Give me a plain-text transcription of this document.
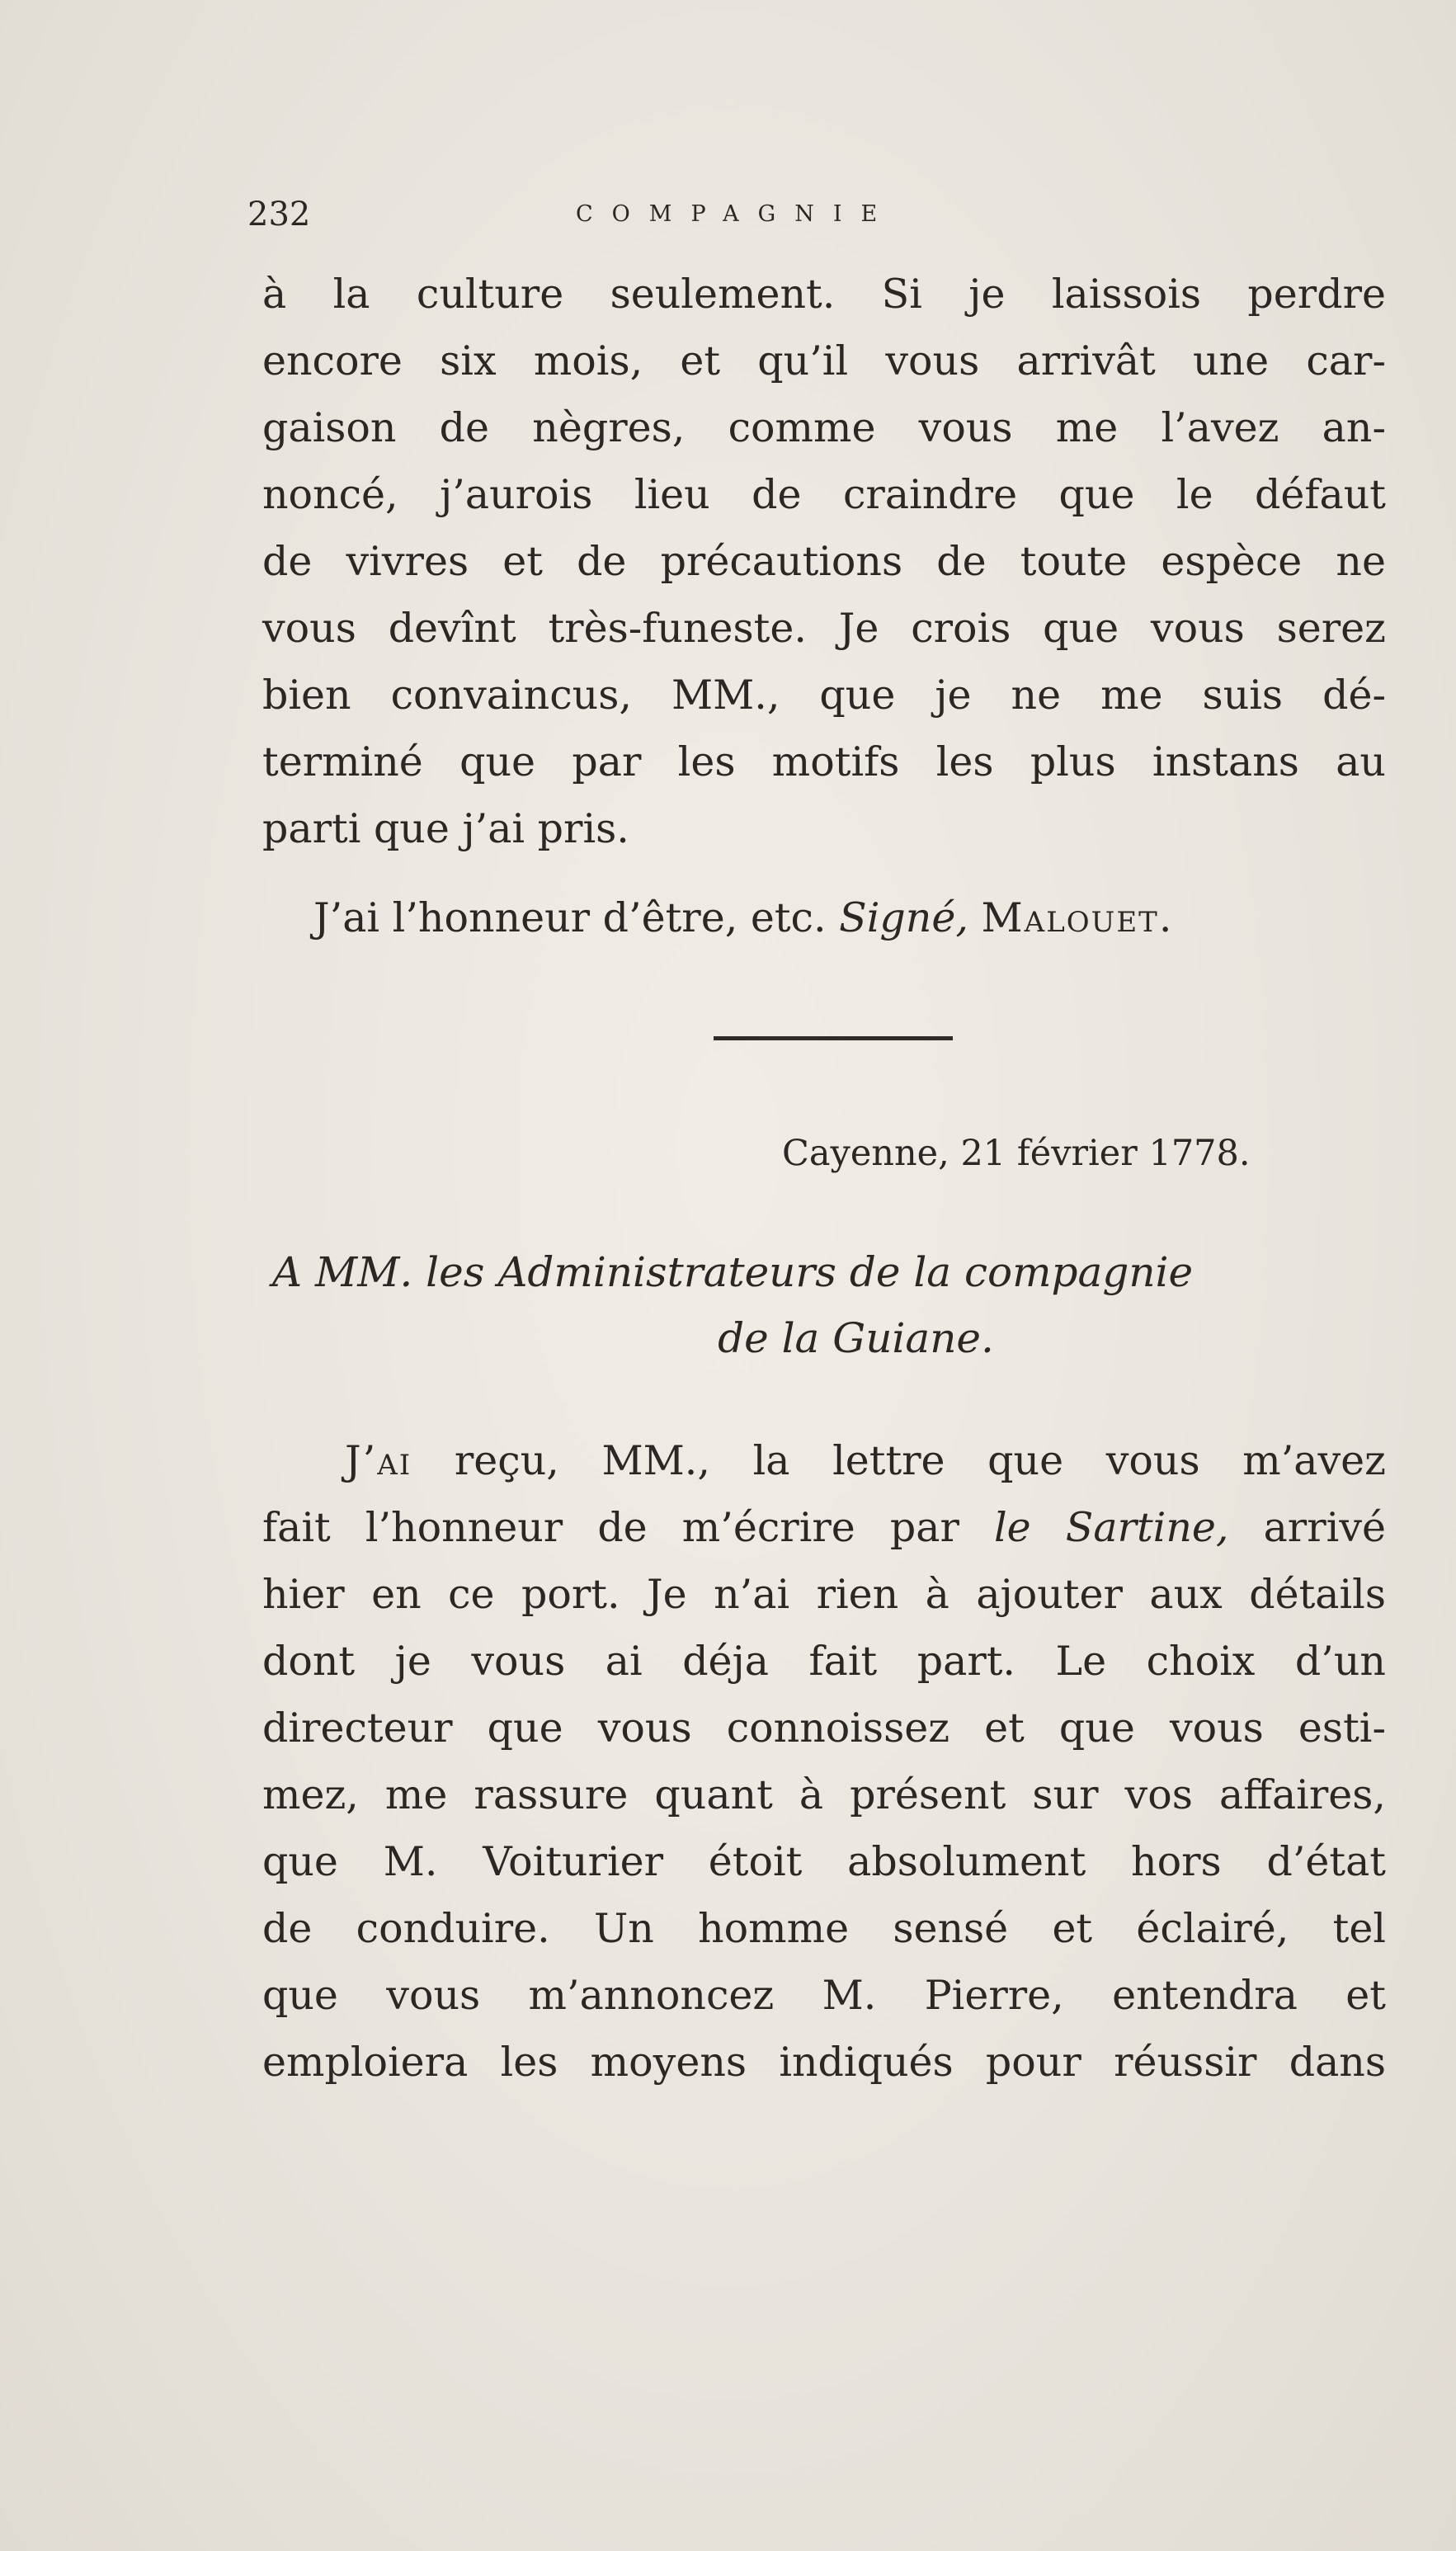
232	COMPAGNIE
à la culture seulement. Si je laissois perdre
encore six mois, et qu’il vous arrivât une car-
gaison de nègres, comme vous me l’avez an-
noncé, j’aurois lieu de craindre que le défaut
de vivres et de précautions de toute espèce ne
vous devînt très-funeste. Je crois que vous serez
bien convaincus, MM., que je ne me suis dé-
terminé que par les motifs les plus instans au
parti que j’ai pris.
J’ai l’honneur d’être, etc. Signé, Malouet.
Cayenne, 21 février 1778.
A MM. les Administrateurs de la compagnie
de la Guiane.
J’ai reçu, MM., la lettre que vous m’avez
fait l’honneur de m’écrire par le Sartine, arrivé
hier en ce port. Je n’ai rien à ajouter aux détails
dont je vous ai déja fait part. Le choix d’un
directeur que vous connoissez et que vous esti-
mez, me rassure quant à présent sur vos affaires,
que M. Voiturier étoit absolument hors d’état
de conduire. Un homme sensé et éclairé, tel
que vous m’annoncez M. Pierre, entendra et
emploiera les moyens indiqués pour réussir dans
